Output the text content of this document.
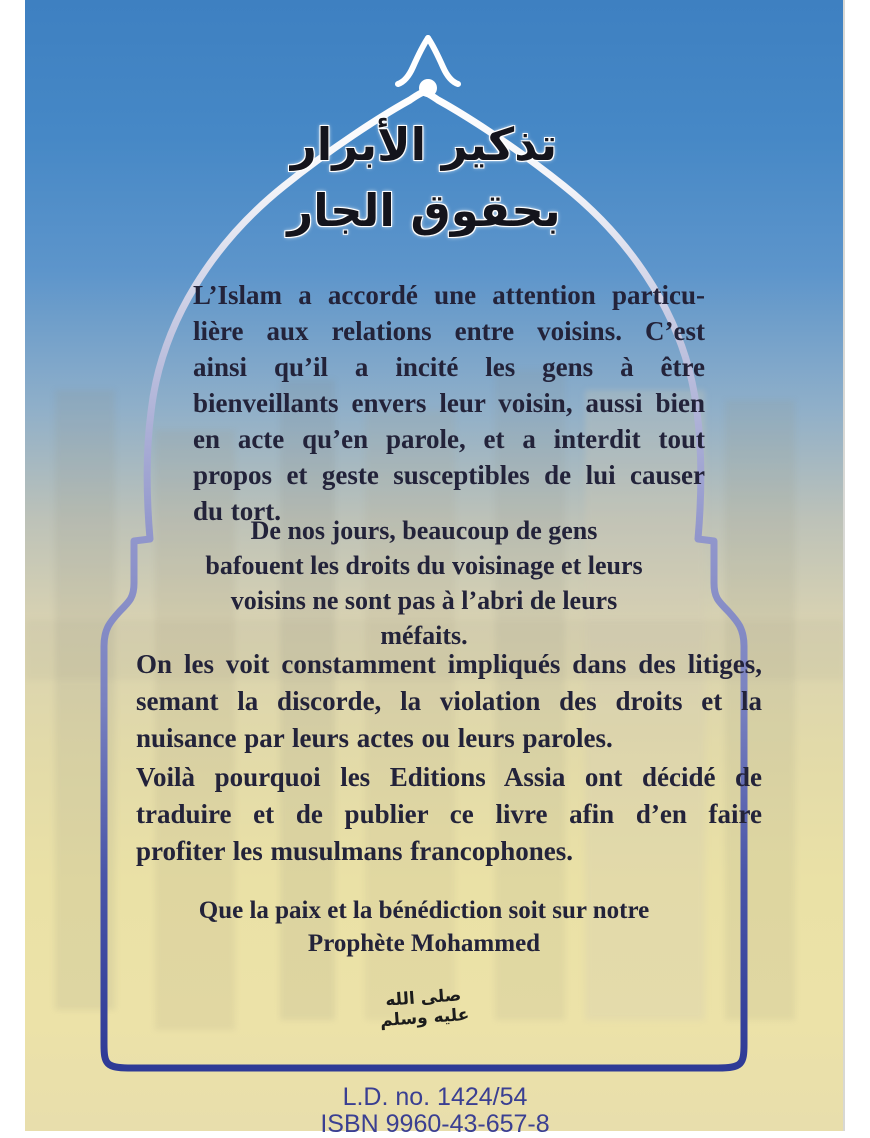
تذكير الأبرار
بحقوق الجار
L’Islam a accordé une attention particu-
lière aux relations entre voisins. C’est
ainsi qu’il a incité les gens à être
bienveillants envers leur voisin, aussi bien
en acte qu’en parole, et a interdit tout
propos et geste susceptibles de lui causer
du tort.
De nos jours, beaucoup de gens
bafouent les droits du voisinage et leurs
voisins ne sont pas à l’abri de leurs
méfaits.
On les voit constamment impliqués dans des litiges,
semant la discorde, la violation des droits et la
nuisance par leurs actes ou leurs paroles.
Voilà pourquoi les Editions Assia ont décidé de
traduire et de publier ce livre afin d’en faire
profiter les musulmans francophones.
Que la paix et la bénédiction soit sur notre
Prophète Mohammed
صلى الله
عليه وسلم
L.D. no. 1424/54
ISBN 9960-43-657-8
